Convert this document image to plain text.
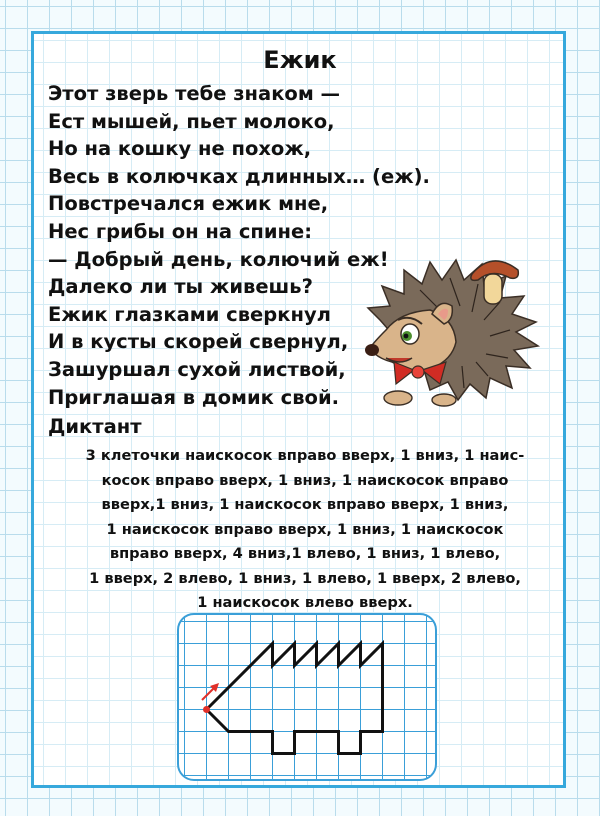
Ежик
Этот зверь тебе знаком —
Ест мышей, пьет молоко,
Но на кошку не похож,
Весь в колючках длинных… (еж).
Повстречался ежик мне,
Нес грибы он на спине:
— Добрый день, колючий еж!
Далеко ли ты живешь?
Ежик глазками сверкнул
И в кусты скорей свернул,
Зашуршал сухой листвой,
Приглашая в домик свой.
Диктант
3 клеточки наискосок вправо вверх, 1 вниз, 1 наис-
косок вправо вверх, 1 вниз, 1 наискосок вправо
вверх,1 вниз, 1 наискосок вправо вверх, 1 вниз,
1 наискосок вправо вверх, 1 вниз, 1 наискосок
вправо вверх, 4 вниз,1 влево, 1 вниз, 1 влево,
1 вверх, 2 влево, 1 вниз, 1 влево, 1 вверх, 2 влево,
1 наискосок влево вверх.
